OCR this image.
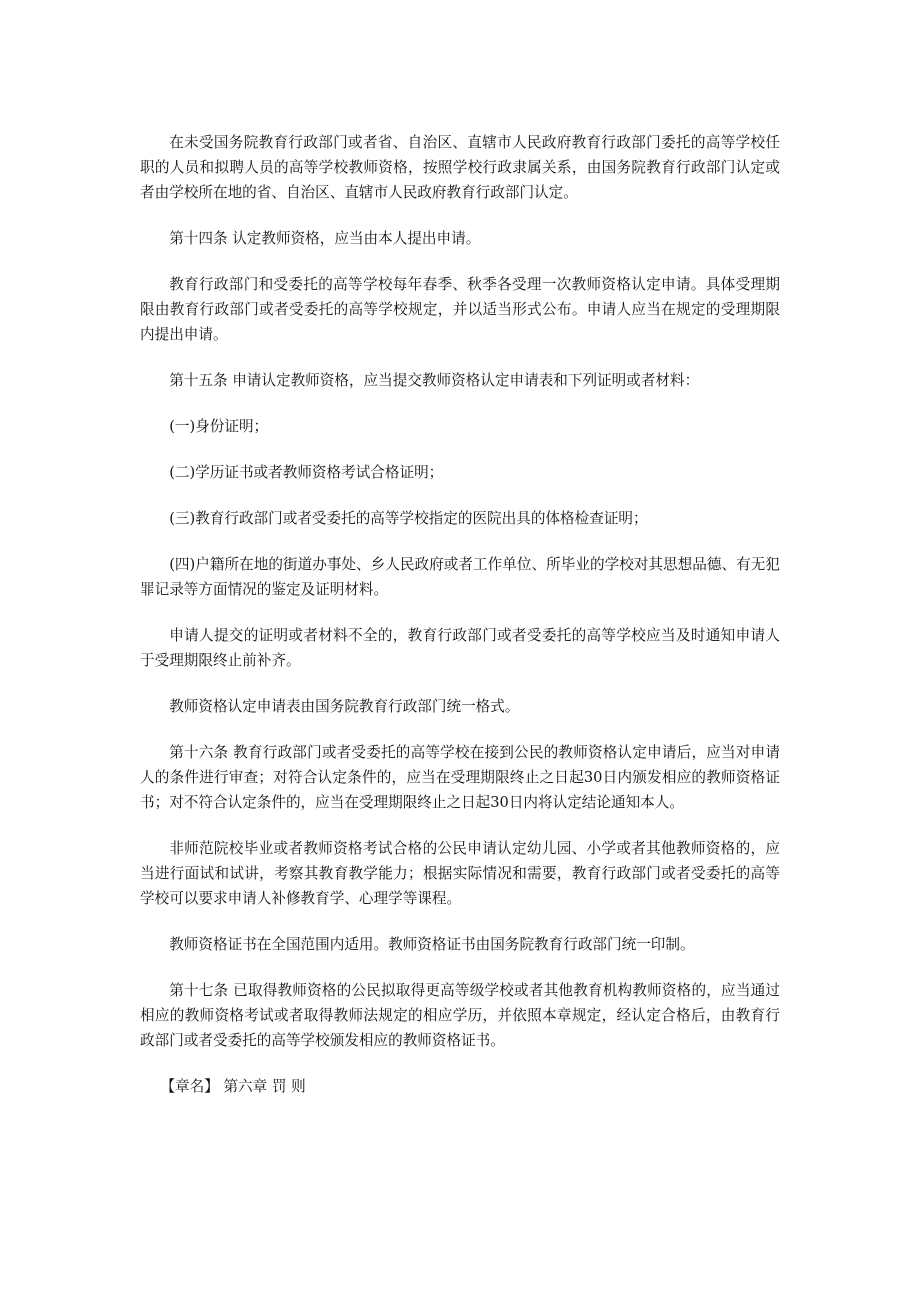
在未受国务院教育行政部门或者省、自治区、直辖市人民政府教育行政部门委托的高等学校任职的人员和拟聘人员的高等学校教师资格，按照学校行政隶属关系，由国务院教育行政部门认定或者由学校所在地的省、自治区、直辖市人民政府教育行政部门认定。

第十四条 认定教师资格，应当由本人提出申请。

教育行政部门和受委托的高等学校每年春季、秋季各受理一次教师资格认定申请。具体受理期限由教育行政部门或者受委托的高等学校规定，并以适当形式公布。申请人应当在规定的受理期限内提出申请。

第十五条 申请认定教师资格，应当提交教师资格认定申请表和下列证明或者材料：

(一)身份证明；

(二)学历证书或者教师资格考试合格证明；

(三)教育行政部门或者受委托的高等学校指定的医院出具的体格检查证明；

(四)户籍所在地的街道办事处、乡人民政府或者工作单位、所毕业的学校对其思想品德、有无犯罪记录等方面情况的鉴定及证明材料。

申请人提交的证明或者材料不全的，教育行政部门或者受委托的高等学校应当及时通知申请人于受理期限终止前补齐。

教师资格认定申请表由国务院教育行政部门统一格式。

第十六条 教育行政部门或者受委托的高等学校在接到公民的教师资格认定申请后，应当对申请人的条件进行审查；对符合认定条件的，应当在受理期限终止之日起30日内颁发相应的教师资格证书；对不符合认定条件的，应当在受理期限终止之日起30日内将认定结论通知本人。

非师范院校毕业或者教师资格考试合格的公民申请认定幼儿园、小学或者其他教师资格的，应当进行面试和试讲，考察其教育教学能力；根据实际情况和需要，教育行政部门或者受委托的高等学校可以要求申请人补修教育学、心理学等课程。

教师资格证书在全国范围内适用。教师资格证书由国务院教育行政部门统一印制。

第十七条 已取得教师资格的公民拟取得更高等级学校或者其他教育机构教师资格的，应当通过相应的教师资格考试或者取得教师法规定的相应学历，并依照本章规定，经认定合格后，由教育行政部门或者受委托的高等学校颁发相应的教师资格证书。

【章名】 第六章 罚 则
